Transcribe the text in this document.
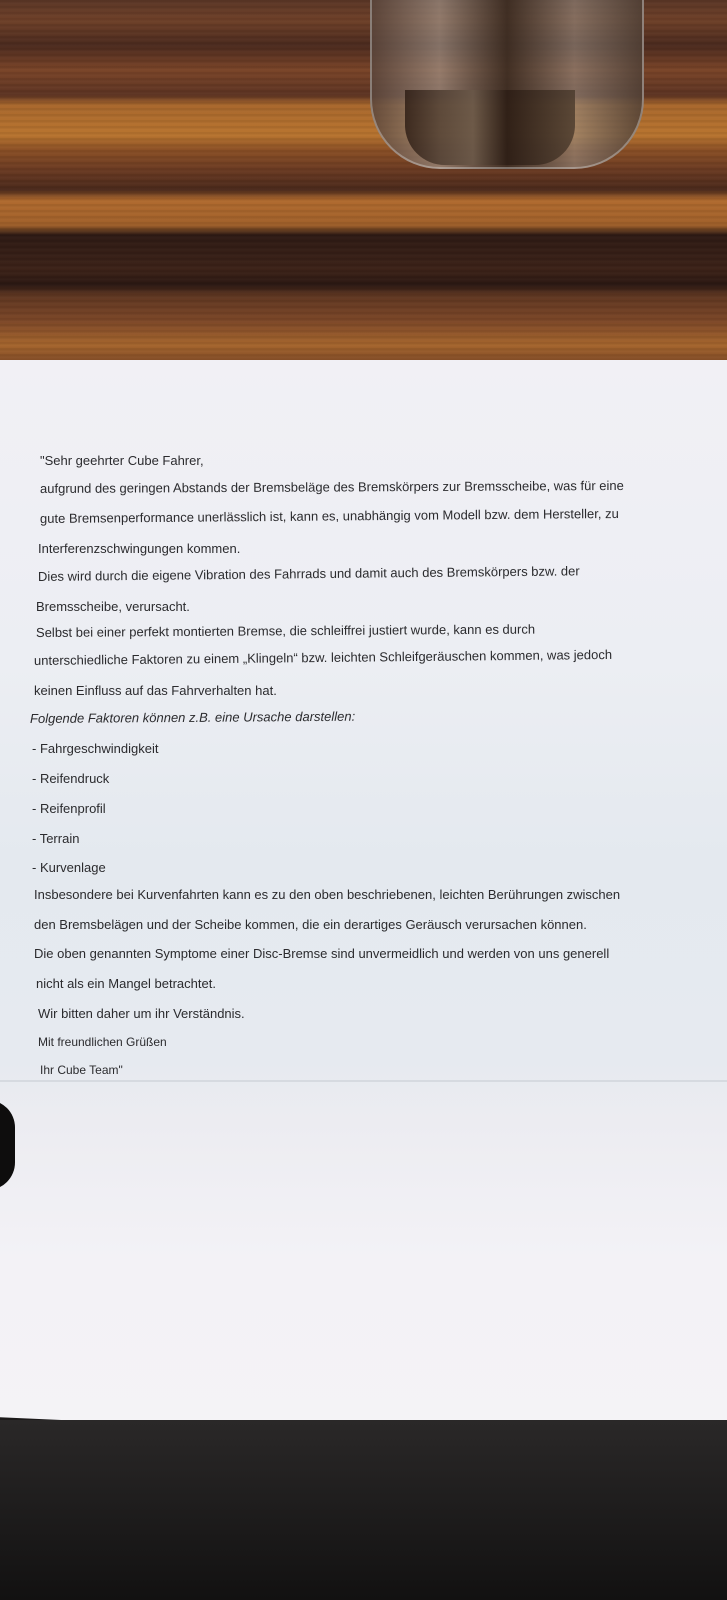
"Sehr geehrter Cube Fahrer,
aufgrund des geringen Abstands der Bremsbeläge des Bremskörpers zur Bremsscheibe, was für eine
gute Bremsenperformance unerlässlich ist, kann es, unabhängig vom Modell bzw. dem Hersteller, zu
Interferenzschwingungen kommen.
Dies wird durch die eigene Vibration des Fahrrads und damit auch des Bremskörpers bzw. der
Bremsscheibe, verursacht.
Selbst bei einer perfekt montierten Bremse, die schleiffrei justiert wurde, kann es durch
unterschiedliche Faktoren zu einem „Klingeln“ bzw. leichten Schleifgeräuschen kommen, was jedoch
keinen Einfluss auf das Fahrverhalten hat.
Folgende Faktoren können z.B. eine Ursache darstellen:
- Fahrgeschwindigkeit
- Reifendruck
- Reifenprofil
- Terrain
- Kurvenlage
Insbesondere bei Kurvenfahrten kann es zu den oben beschriebenen, leichten Berührungen zwischen
den Bremsbelägen und der Scheibe kommen, die ein derartiges Geräusch verursachen können.
Die oben genannten Symptome einer Disc-Bremse sind unvermeidlich und werden von uns generell
nicht als ein Mangel betrachtet.
Wir bitten daher um ihr Verständnis.
Mit freundlichen Grüßen
Ihr Cube Team"
